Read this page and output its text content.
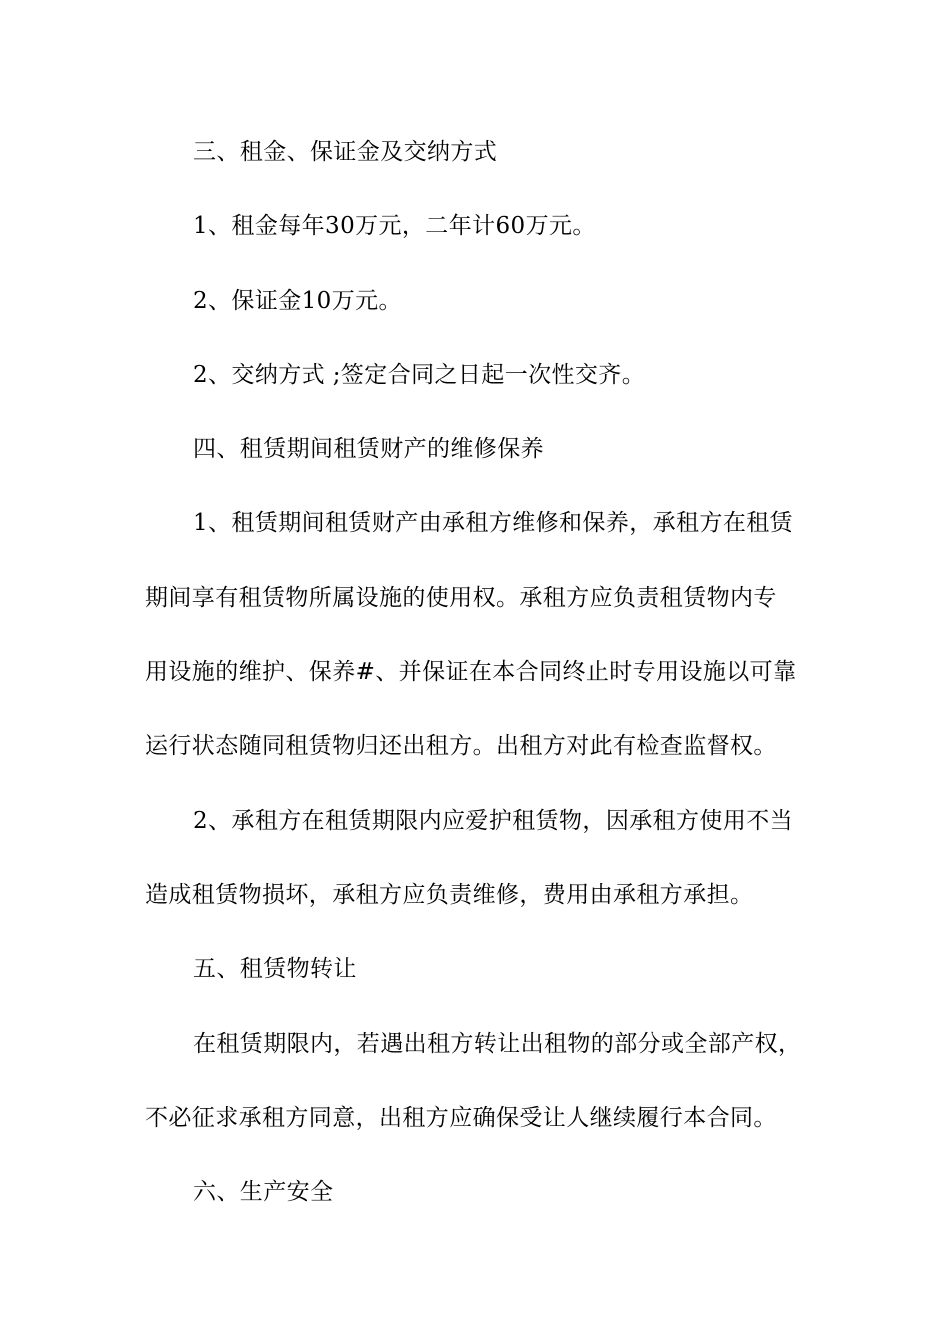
三、租金、保证金及交纳方式
1、租金每年30万元，二年计60万元。
2、保证金10万元。
2、交纳方式 ;签定合同之日起一次性交齐。
四、租赁期间租赁财产的维修保养
1、租赁期间租赁财产由承租方维修和保养，承租方在租赁
期间享有租赁物所属设施的使用权。承租方应负责租赁物内专
用设施的维护、保养#、并保证在本合同终止时专用设施以可靠
运行状态随同租赁物归还出租方。出租方对此有检查监督权。
2、承租方在租赁期限内应爱护租赁物，因承租方使用不当
造成租赁物损坏，承租方应负责维修，费用由承租方承担。
五、租赁物转让
在租赁期限内，若遇出租方转让出租物的部分或全部产权，
不必征求承租方同意，出租方应确保受让人继续履行本合同。
六、生产安全
